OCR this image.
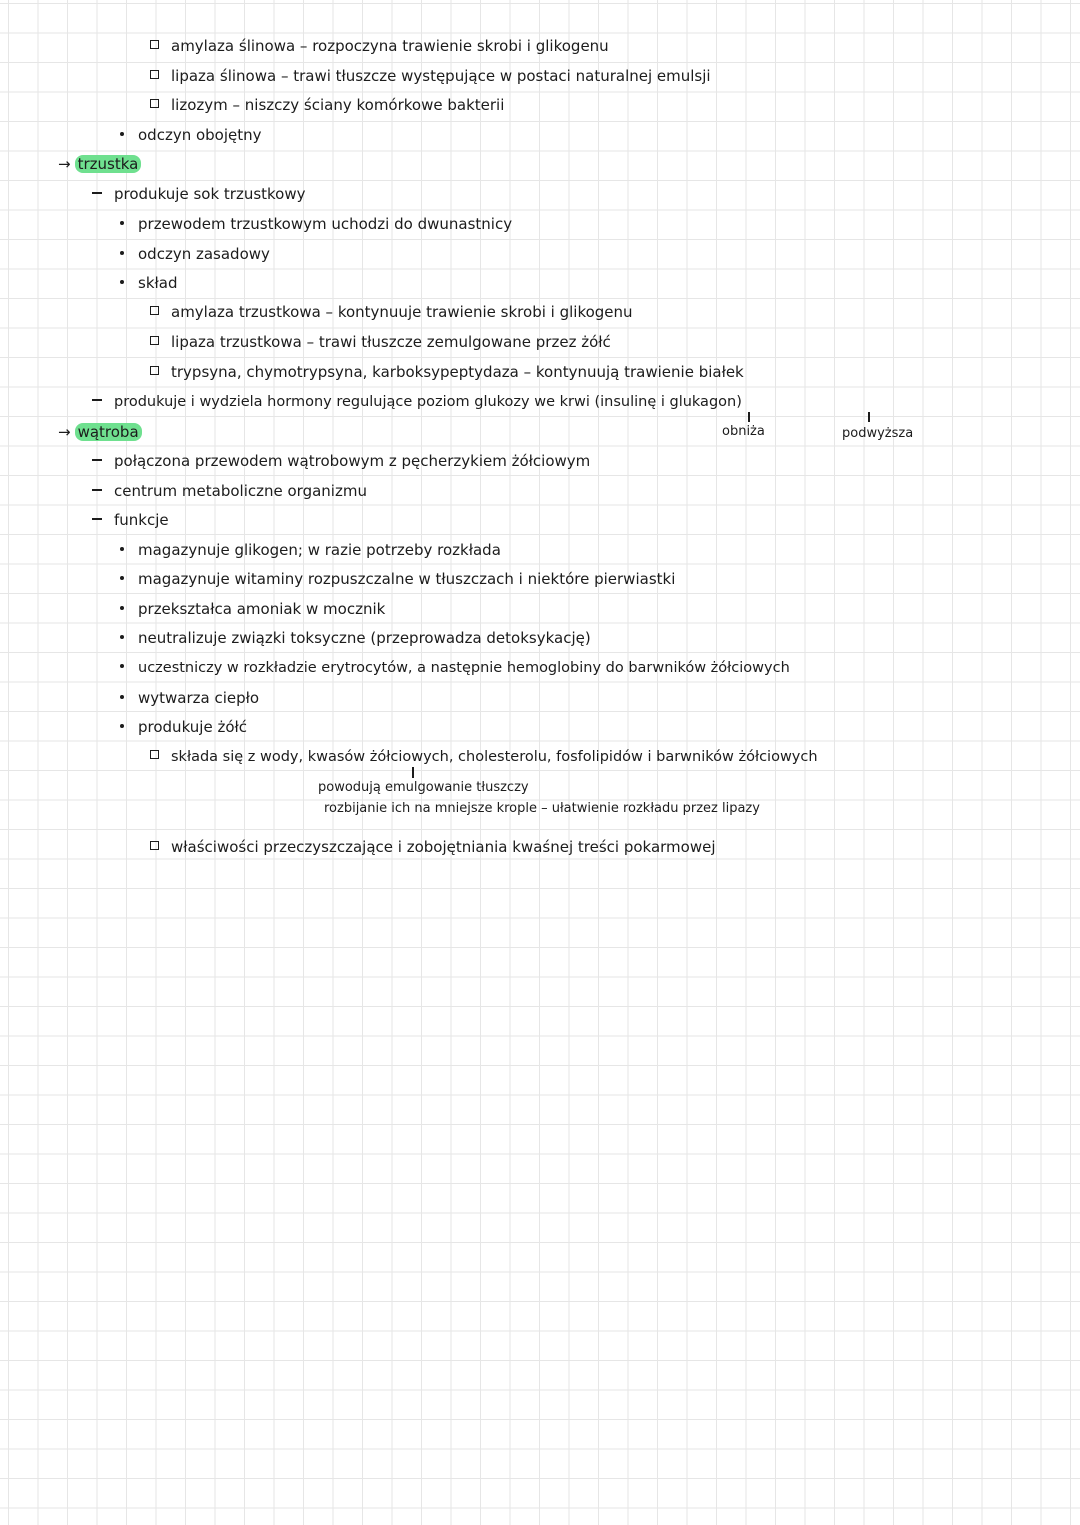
amylaza ślinowa – rozpoczyna trawienie skrobi i glikogenu
lipaza ślinowa – trawi tłuszcze występujące w postaci naturalnej emulsji
lizozym – niszczy ściany komórkowe bakterii
odczyn obojętny
→ trzustka
produkuje sok trzustkowy
przewodem trzustkowym uchodzi do dwunastnicy
odczyn zasadowy
skład
amylaza trzustkowa – kontynuuje trawienie skrobi i glikogenu
lipaza trzustkowa – trawi tłuszcze zemulgowane przez żółć
trypsyna, chymotrypsyna, karboksypeptydaza – kontynuują trawienie białek
produkuje i wydziela hormony regulujące poziom glukozy we krwi (insulinę i glukagon)
obniża	podwyższa
→ wątroba
połączona przewodem wątrobowym z pęcherzykiem żółciowym
centrum metaboliczne organizmu
funkcje
magazynuje glikogen; w razie potrzeby rozkłada
magazynuje witaminy rozpuszczalne w tłuszczach i niektóre pierwiastki
przekształca amoniak w mocznik
neutralizuje związki toksyczne (przeprowadza detoksykację)
uczestniczy w rozkładzie erytrocytów, a następnie hemoglobiny do barwników żółciowych
wytwarza ciepło
produkuje żółć
składa się z wody, kwasów żółciowych, cholesterolu, fosfolipidów i barwników żółciowych
powodują emulgowanie tłuszczy
rozbijanie ich na mniejsze krople – ułatwienie rozkładu przez lipazy
właściwości przeczyszczające i zobojętniania kwaśnej treści pokarmowej
